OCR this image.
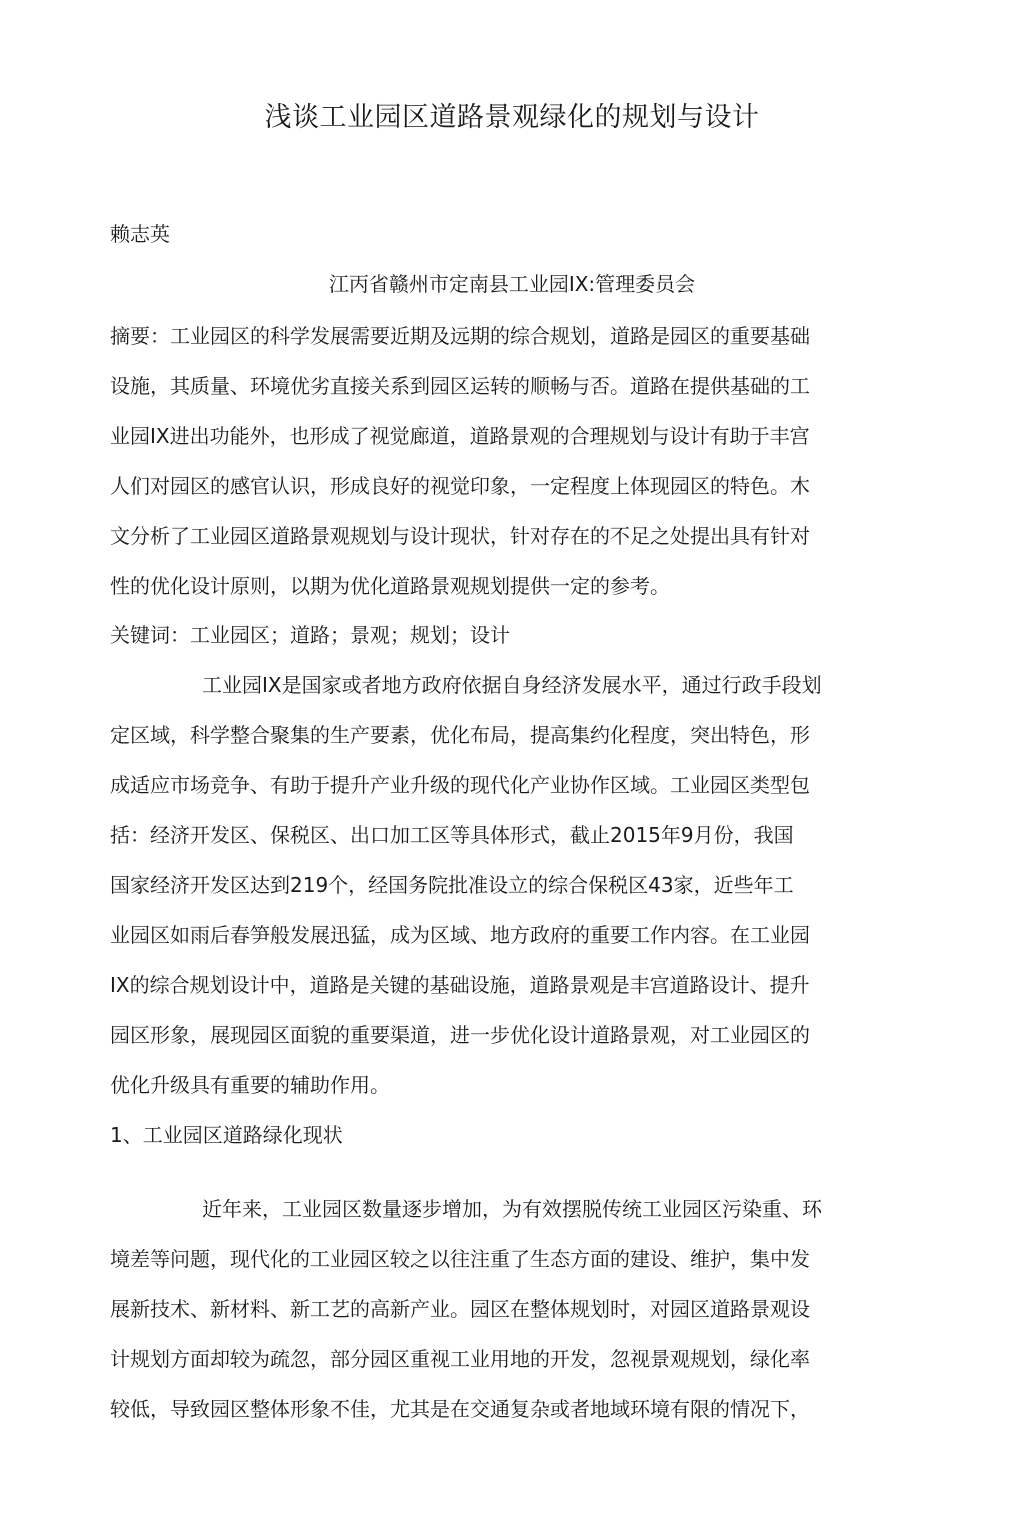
浅谈工业园区道路景观绿化的规划与设计
赖志英
江丙省赣州市定南县工业园IX:管理委员会
摘要：工业园区的科学发展需要近期及远期的综合规划，道路是园区的重要基础
设施，其质量、环境优劣直接关系到园区运转的顺畅与否。道路在提供基础的工
业园IX进出功能外，也形成了视觉廊道，道路景观的合理规划与设计有助于丰宫
人们对园区的感官认识，形成良好的视觉印象，一定程度上体现园区的特色。木
文分析了工业园区道路景观规划与设计现状，针对存在的不足之处提出具有针对
性的优化设计原则，以期为优化道路景观规划提供一定的参考。
关键词：工业园区；道路；景观；规划；设计
工业园IX是国家或者地方政府依据自身经济发展水平，通过行政手段划
定区域，科学整合聚集的生产要素，优化布局，提高集约化程度，突出特色，形
成适应市场竞争、有助于提升产业升级的现代化产业协作区域。工业园区类型包
括：经济开发区、保税区、出口加工区等具体形式，截止2015年9月份，我国
国家经济开发区达到219个，经国务院批准设立的综合保税区43家，近些年工
业园区如雨后春笋般发展迅猛，成为区域、地方政府的重要工作内容。在工业园
IX的综合规划设计中，道路是关键的基础设施，道路景观是丰宫道路设计、提升
园区形象，展现园区面貌的重要渠道，进一步优化设计道路景观，对工业园区的
优化升级具有重要的辅助作用。
1、工业园区道路绿化现状
近年来，工业园区数量逐步增加，为有效摆脱传统工业园区污染重、环
境差等问题，现代化的工业园区较之以往注重了生态方面的建设、维护，集中发
展新技术、新材料、新工艺的高新产业。园区在整体规划时，对园区道路景观设
计规划方面却较为疏忽，部分园区重视工业用地的开发，忽视景观规划，绿化率
较低，导致园区整体形象不佳，尤其是在交通复杂或者地域环境有限的情况下，
